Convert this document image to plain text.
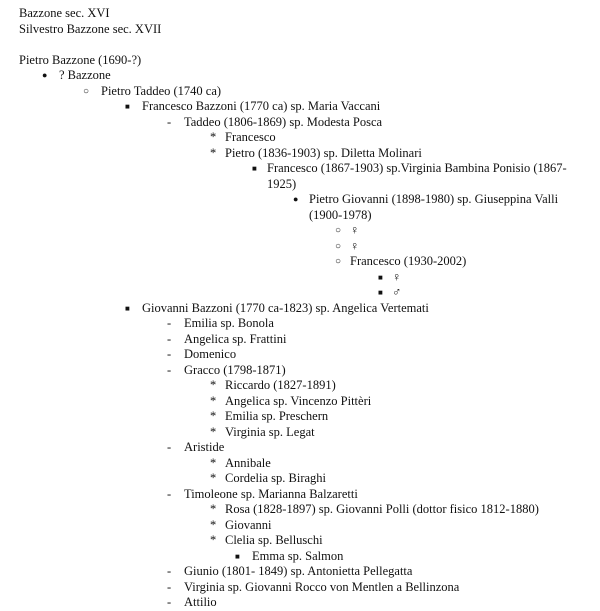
Bazzone sec. XVI
Silvestro Bazzone sec. XVII
Pietro Bazzone (1690-?)
● ? Bazzone
○ Pietro Taddeo (1740 ca)
■ Francesco Bazzoni (1770 ca) sp. Maria Vaccani
- Taddeo (1806-1869) sp. Modesta Posca
* Francesco
* Pietro (1836-1903) sp. Diletta Molinari
■ Francesco (1867-1903) sp.Virginia Bambina Ponisio (1867-
1925)
● Pietro Giovanni (1898-1980) sp. Giuseppina Valli
(1900-1978)
○ ♀
○ ♀
○ Francesco (1930-2002)
■ ♀
■ ♂
■ Giovanni Bazzoni (1770 ca-1823) sp. Angelica Vertemati
- Emilia sp. Bonola
- Angelica sp. Frattini
- Domenico
- Gracco (1798-1871)
* Riccardo (1827-1891)
* Angelica sp. Vincenzo Pittèri
* Emilia sp. Preschern
* Virginia sp. Legat
- Aristide
* Annibale
* Cordelia sp. Biraghi
- Timoleone sp. Marianna Balzaretti
* Rosa (1828-1897) sp. Giovanni Polli (dottor fisico 1812-1880)
* Giovanni
* Clelia sp. Belluschi
■ Emma sp. Salmon
- Giunio (1801- 1849) sp. Antonietta Pellegatta
- Virginia sp. Giovanni Rocco von Mentlen a Bellinzona
- Attilio
